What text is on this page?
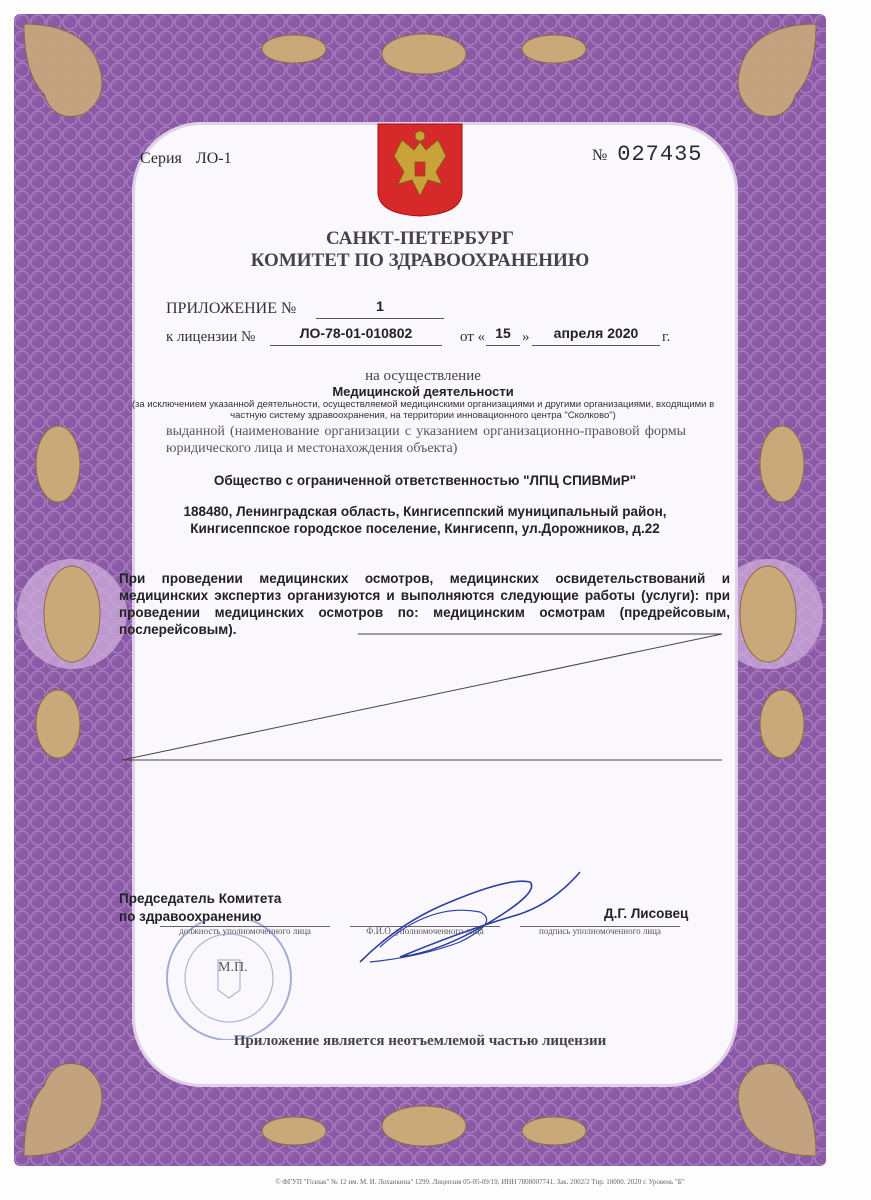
Серия ЛО-1	№ 027435
САНКТ-ПЕТЕРБУРГ
КОМИТЕТ ПО ЗДРАВООХРАНЕНИЮ
ПРИЛОЖЕНИЕ №	1
к лицензии №	ЛО-78-01-010802	от « 15 »	апреля 2020	г.
на осуществление
Медицинской деятельности
(за исключением указанной деятельности, осуществляемой медицинскими организациями и другими организациями, входящими в частную систему здравоохранения, на территории инновационного центра "Сколково")
выданной (наименование организации с указанием организационно-правовой формы юридического лица и местонахождения объекта)
Общество с ограниченной ответственностью "ЛПЦ СПИВМиР"
188480, Ленинградская область, Кингисеппский муниципальный район,
Кингисеппское городское поселение, Кингисепп, ул.Дорожников, д.22
При проведении медицинских осмотров, медицинских освидетельствований и медицинских экспертиз организуются и выполняются следующие работы (услуги): при проведении медицинских осмотров по: медицинским осмотрам (предрейсовым, послерейсовым).
Председатель Комитета
по здравоохранению
должность уполномоченного лица	Ф.И.О. уполномоченного лица
Д.Г. Лисовец
подпись уполномоченного лица
М.П.
Приложение является неотъемлемой частью лицензии
© ФГУП "Гознак" № 12 им. М. И. Лоханкина" 1299. Лицензия 05-05-09/19, ИНН 7808007741. Зак. 2002/2 Тир. 10000. 2020 г. Уровень "Б"
